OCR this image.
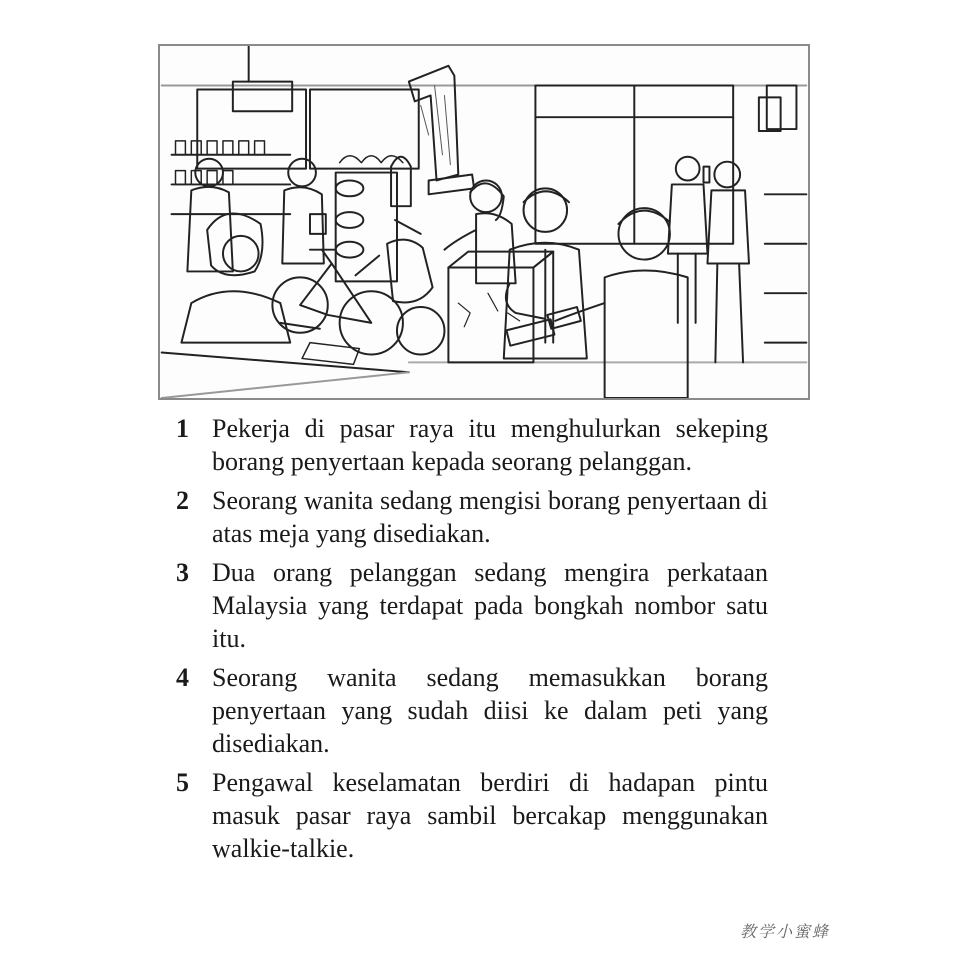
1 Pekerja di pasar raya itu menghulurkan sekeping borang penyertaan kepada seorang pelanggan.
2 Seorang wanita sedang mengisi borang penyertaan di atas meja yang disediakan.
3 Dua orang pelanggan sedang mengira perkataan Malaysia yang terdapat pada bongkah nombor satu itu.
4 Seorang wanita sedang memasukkan borang penyertaan yang sudah diisi ke dalam peti yang disediakan.
5 Pengawal keselamatan berdiri di hadapan pintu masuk pasar raya sambil bercakap menggunakan walkie-talkie.
教学小蜜蜂
